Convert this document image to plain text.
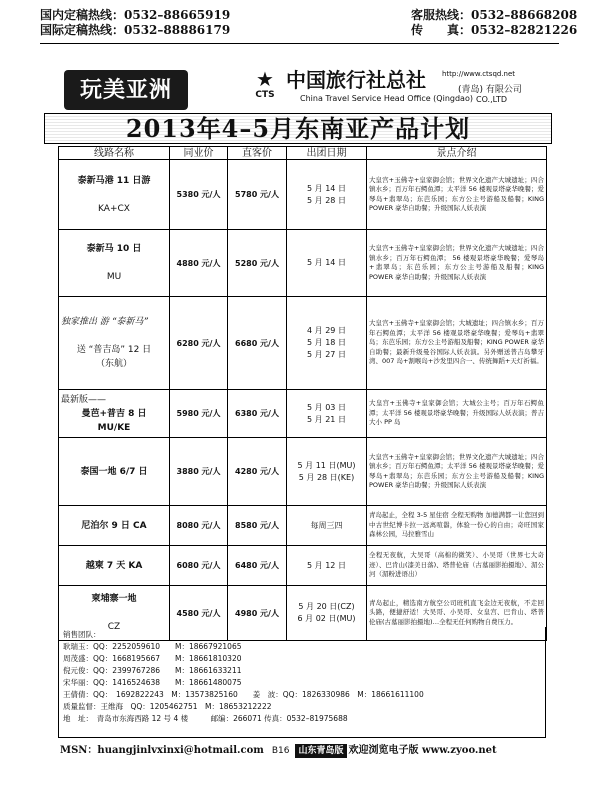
国内定稿热线：0532–88665919
国际定稿热线：0532–88886179
客服热线：0532–88668208
传　　真：0532–82821226
玩美亚洲	★
CTS
中国旅行社总社 http://www.ctsqd.net
(青岛) 有限公司
China Travel Service Head Office (Qingdao) CO.,LTD
2013年4–5月东南亚产品计划
线路名称	同业价	直客价	出团日期	景点介绍

泰新马港 11 日游

KA+CX	5380 元/人	5780 元/人	5 月 14 日
5 月 28 日	大皇宫+玉佛寺+皇家御会馆；世界文化遗产大城遗址；四合镇水乡；百万年石鳄鱼潭；太平洋 56 楼观景塔豪华晚餐；爱琴岛+翡翠岛；东芭乐园；东方公主号游船及船餐；KING POWER 豪华自助餐；升级国际人妖表演

泰新马 10 日

MU	4880 元/人	5280 元/人	5 月 14 日	大皇宫+玉佛寺+皇家御会馆；世界文化遗产大城遗址；四合镇水乡；百万年石鳄鱼潭； 56 楼观景塔豪华晚餐；爱琴岛+翡翠岛；东芭乐园；东方公主号游船及船餐；KING POWER 豪华自助餐；升级国际人妖表演

独家推出 游 “泰新马”

送 “普吉岛” 12 日
（东航）	6280 元/人	6680 元/人	4 月 29 日
5 月 18 日
5 月 27 日	大皇宫+玉佛寺+皇家御会馆；大城遗址；四合镇水乡；百万年石鳄鱼潭；太平洋 56 楼观景塔豪华晚餐；爱琴岛+翡翠岛；东芭乐园；东方公主号游船及船餐；KING POWER 豪华自助餐；最新升级曼谷国际人妖表演。另外赠送普吉岛攀牙湾、007 岛+割喉岛+沙发里四合一、传统舞蹈+天灯祈福。

最新版——
曼芭+普吉 8 日
MU/KE	5980 元/人	6380 元/人	5 月 03 日
5 月 21 日	大皇宫+玉佛寺+皇家御会馆；大城公主号；百万年石鳄鱼潭；太平洋 56 楼观景塔豪华晚餐；升级国际人妖表演；普吉大小 PP 岛

泰国一地 6/7 日	3880 元/人	4280 元/人	5 月 11 日(MU)
5 月 28 日(KE)	大皇宫+玉佛寺+皇家御会馆；世界文化遗产大城遗址；四合镇水乡；百万年石鳄鱼潭；太平洋 56 楼观景塔豪华晚餐；爱琴岛+翡翠岛；东芭乐园；东方公主号游船及船餐；KING POWER 豪华自助餐；升级国际人妖表演

尼泊尔 9 日 CA	8080 元/人	8580 元/人	每周三四	青岛起止，全程 3-5 星住宿 全程无购物 加德满都一让您回到中古世纪博卡拉一远离喧嚣，体验一份心的自由；奇旺国家森林公园，马拉雅雪山

越柬 7 天 KA	6080 元/人	6480 元/人	5 月 12 日	全程无夜航，大吴哥（高棉的微笑）、小吴哥（世界七大奇迹）、巴肯山(漆美日落)、塔普伦庙（古墓丽影拍摄地）、湄公河（湄粉进语出）

柬埔寨一地

CZ	4580 元/人	4980 元/人	5 月 20 日(CZ)
6 月 02 日(MU)	青岛起止，精选南方航空公司班机直飞金边无夜航，不走回头路，便捷舒适！大吴哥、小吴哥、女皇宫、巴肯山、塔普伦庙(古墓丽影拍摄地)…全程无任何购物自费压力。
销售团队：
耿瑞玉：QQ：2252059610　　M：18667921065
周茂盛：QQ：1668195667　　M：18661810320
倪元俊：QQ：2399767286　　M：18661633211
宋华丽：QQ：1416524638　　M：18661480075
王倩倩：QQ：　1692822243　M：13573825160　　姜　波：QQ：1826330986　M：18661611100
质量监督：王维海　QQ：1205462751　M：18653212222
地　址：　青岛市东海西路 12 号 4 楼　　　邮编：266071 传真：0532–81975688
MSN：huangjinlvxinxi@hotmail.com B16 山东青岛版 欢迎浏览电子版 www.zyoo.net
